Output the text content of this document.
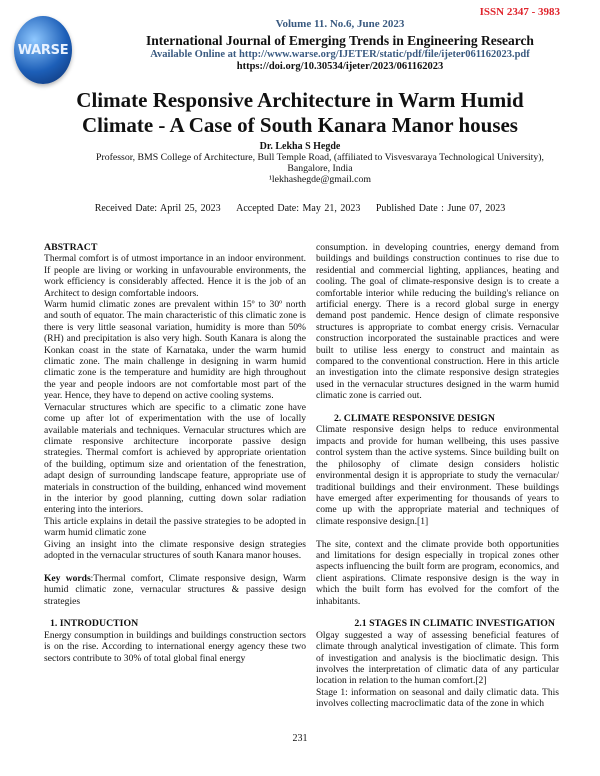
ISSN 2347 - 3983
WARSE
Volume 11. No.6, June 2023
International Journal of Emerging Trends in Engineering Research
Available Online at http://www.warse.org/IJETER/static/pdf/file/ijeter061162023.pdf
https://doi.org/10.30534/ijeter/2023/061162023
Climate Responsive Architecture in Warm Humid
Climate - A Case of South Kanara Manor houses
Dr. Lekha S Hegde
Professor, BMS College of Architecture, Bull Temple Road, (affiliated to Visvesvaraya Technological University),
Bangalore, India
¹lekhashegde@gmail.com
Received Date: April 25, 2023 Accepted Date: May 21, 2023 Published Date : June 07, 2023
ABSTRACT

Thermal comfort is of utmost importance in an indoor environment. If people are living or working in unfavourable environments, the work efficiency is considerably affected. Hence it is the job of an Architect to design comfortable indoors.

Warm humid climatic zones are prevalent within 15º to 30º north and south of equator. The main characteristic of this climatic zone is there is very little seasonal variation, humidity is more than 50% (RH) and precipitation is also very high. South Kanara is along the Konkan coast in the state of Karnataka, under the warm humid climatic zone. The main challenge in designing in warm humid climatic zone is the temperature and humidity are high throughout the year and people indoors are not comfortable most part of the year. Hence, they have to depend on active cooling systems.

Vernacular structures which are specific to a climatic zone have come up after lot of experimentation with the use of locally available materials and techniques. Vernacular structures which are climate responsive architecture incorporate passive design strategies. Thermal comfort is achieved by appropriate orientation of the building, optimum size and orientation of the fenestration, adapt design of surrounding landscape feature, appropriate use of materials in construction of the building, enhanced wind movement in the interior by good planning, cutting down solar radiation entering into the interiors.

This article explains in detail the passive strategies to be adopted in warm humid climatic zone

Giving an insight into the climate responsive design strategies adopted in the vernacular structures of south Kanara manor houses.

Key words:Thermal comfort, Climate responsive design, Warm humid climatic zone, vernacular structures & passive design strategies

1. INTRODUCTION

Energy consumption in buildings and buildings construction sectors is on the rise. According to international energy agency these two sectors contribute to 30% of total global final energy

consumption. in developing countries, energy demand from buildings and buildings construction continues to rise due to residential and commercial lighting, appliances, heating and cooling. The goal of climate-responsive design is to create a comfortable interior while reducing the building's reliance on artificial energy. There is a record global surge in energy demand post pandemic. Hence design of climate responsive structures is appropriate to combat energy crisis. Vernacular construction incorporated the sustainable practices and were built to utilise less energy to construct and maintain as compared to the conventional construction. Here in this article an investigation into the climate responsive design strategies used in the vernacular structures designed in the warm humid climatic zone is carried out.

2. CLIMATE RESPONSIVE DESIGN

Climate responsive design helps to reduce environmental impacts and provide for human wellbeing, this uses passive control system than the active systems. Since building built on the philosophy of climate design considers holistic environmental design it is appropriate to study the vernacular/ traditional buildings and their environment. These buildings have emerged after experimenting for thousands of years to come up with the appropriate material and techniques of climate responsive design.[1]

The site, context and the climate provide both opportunities and limitations for design especially in tropical zones other aspects influencing the built form are program, economics, and client aspirations. Climate responsive design is the way in which the built form has evolved for the comfort of the inhabitants.

2.1 STAGES IN CLIMATIC INVESTIGATION

Olgay suggested a way of assessing beneficial features of climate through analytical investigation of climate. This form of investigation and analysis is the bioclimatic design. This involves the interpretation of climatic data of any particular location in relation to the human comfort.[2]

Stage 1: information on seasonal and daily climatic data. This involves collecting macroclimatic data of the zone in which

231
